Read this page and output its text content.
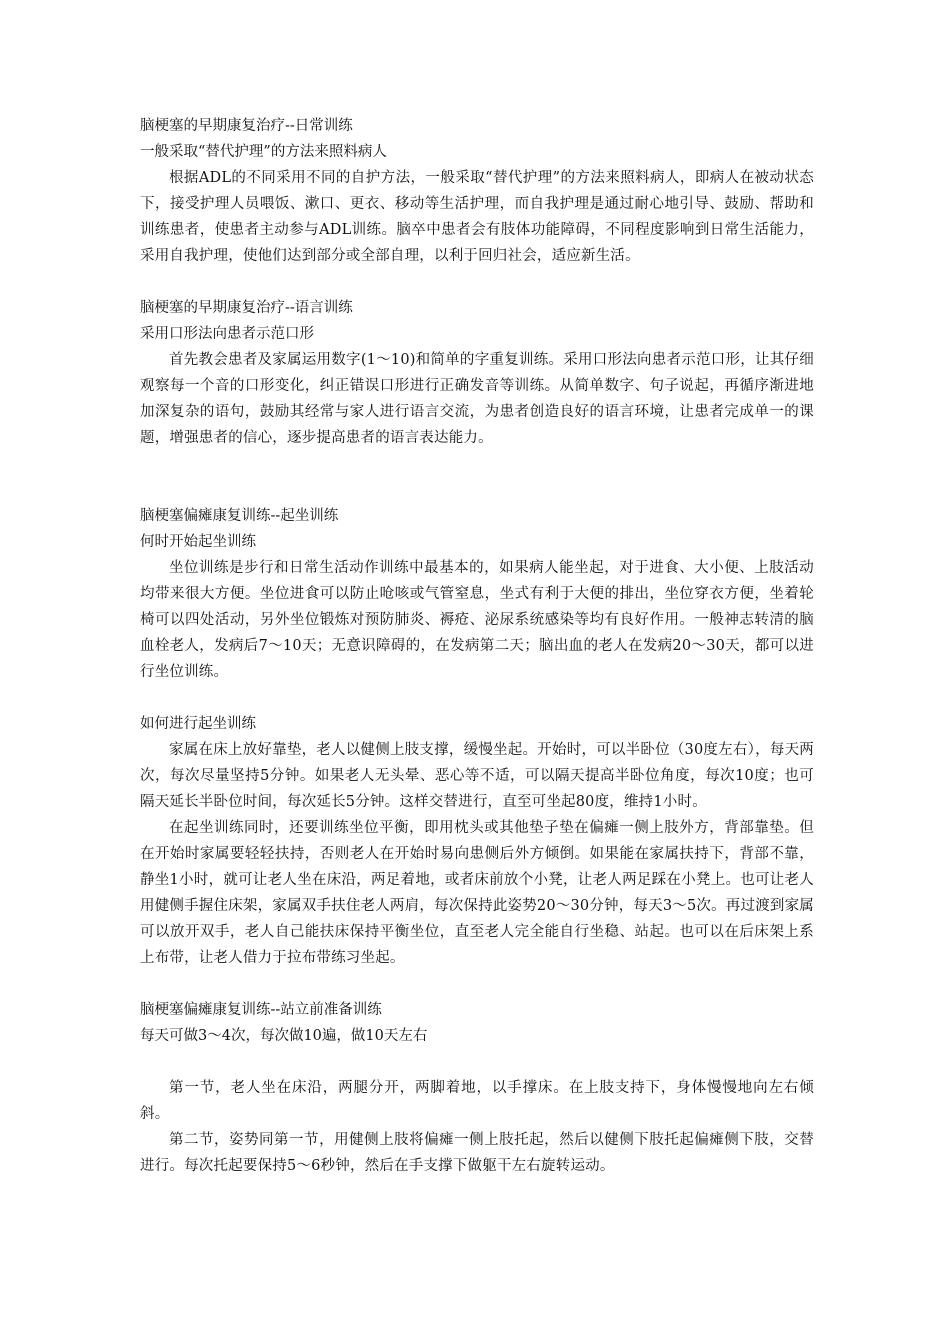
脑梗塞的早期康复治疗--日常训练

一般采取“替代护理”的方法来照料病人

根据ADL的不同采用不同的自护方法，一般采取“替代护理”的方法来照料病人，即病人在被动状态下，接受护理人员喂饭、漱口、更衣、移动等生活护理，而自我护理是通过耐心地引导、鼓励、帮助和训练患者，使患者主动参与ADL训练。脑卒中患者会有肢体功能障碍，不同程度影响到日常生活能力，采用自我护理，使他们达到部分或全部自理，以利于回归社会，适应新生活。

脑梗塞的早期康复治疗--语言训练

采用口形法向患者示范口形

首先教会患者及家属运用数字(1～10)和简单的字重复训练。采用口形法向患者示范口形，让其仔细观察每一个音的口形变化，纠正错误口形进行正确发音等训练。从简单数字、句子说起，再循序渐进地加深复杂的语句，鼓励其经常与家人进行语言交流，为患者创造良好的语言环境，让患者完成单一的课题，增强患者的信心，逐步提高患者的语言表达能力。

脑梗塞偏瘫康复训练--起坐训练

何时开始起坐训练

坐位训练是步行和日常生活动作训练中最基本的，如果病人能坐起，对于进食、大小便、上肢活动均带来很大方便。坐位进食可以防止呛咳或气管窒息，坐式有利于大便的排出，坐位穿衣方便，坐着轮椅可以四处活动，另外坐位锻炼对预防肺炎、褥疮、泌尿系统感染等均有良好作用。一般神志转清的脑血栓老人，发病后7～10天；无意识障碍的，在发病第二天；脑出血的老人在发病20～30天，都可以进行坐位训练。

如何进行起坐训练

家属在床上放好靠垫，老人以健侧上肢支撑，缓慢坐起。开始时，可以半卧位（30度左右），每天两次，每次尽量坚持5分钟。如果老人无头晕、恶心等不适，可以隔天提高半卧位角度，每次10度；也可隔天延长半卧位时间，每次延长5分钟。这样交替进行，直至可坐起80度，维持1小时。

在起坐训练同时，还要训练坐位平衡，即用枕头或其他垫子垫在偏瘫一侧上肢外方，背部靠垫。但在开始时家属要轻轻扶持，否则老人在开始时易向患侧后外方倾倒。如果能在家属扶持下，背部不靠，静坐1小时，就可让老人坐在床沿，两足着地，或者床前放个小凳，让老人两足踩在小凳上。也可让老人用健侧手握住床架，家属双手扶住老人两肩，每次保持此姿势20～30分钟，每天3～5次。再过渡到家属可以放开双手，老人自己能扶床保持平衡坐位，直至老人完全能自行坐稳、站起。也可以在后床架上系上布带，让老人借力于拉布带练习坐起。

脑梗塞偏瘫康复训练--站立前准备训练

每天可做3～4次，每次做10遍，做10天左右

第一节，老人坐在床沿，两腿分开，两脚着地，以手撑床。在上肢支持下，身体慢慢地向左右倾斜。

第二节，姿势同第一节，用健侧上肢将偏瘫一侧上肢托起，然后以健侧下肢托起偏瘫侧下肢，交替进行。每次托起要保持5～6秒钟，然后在手支撑下做躯干左右旋转运动。
